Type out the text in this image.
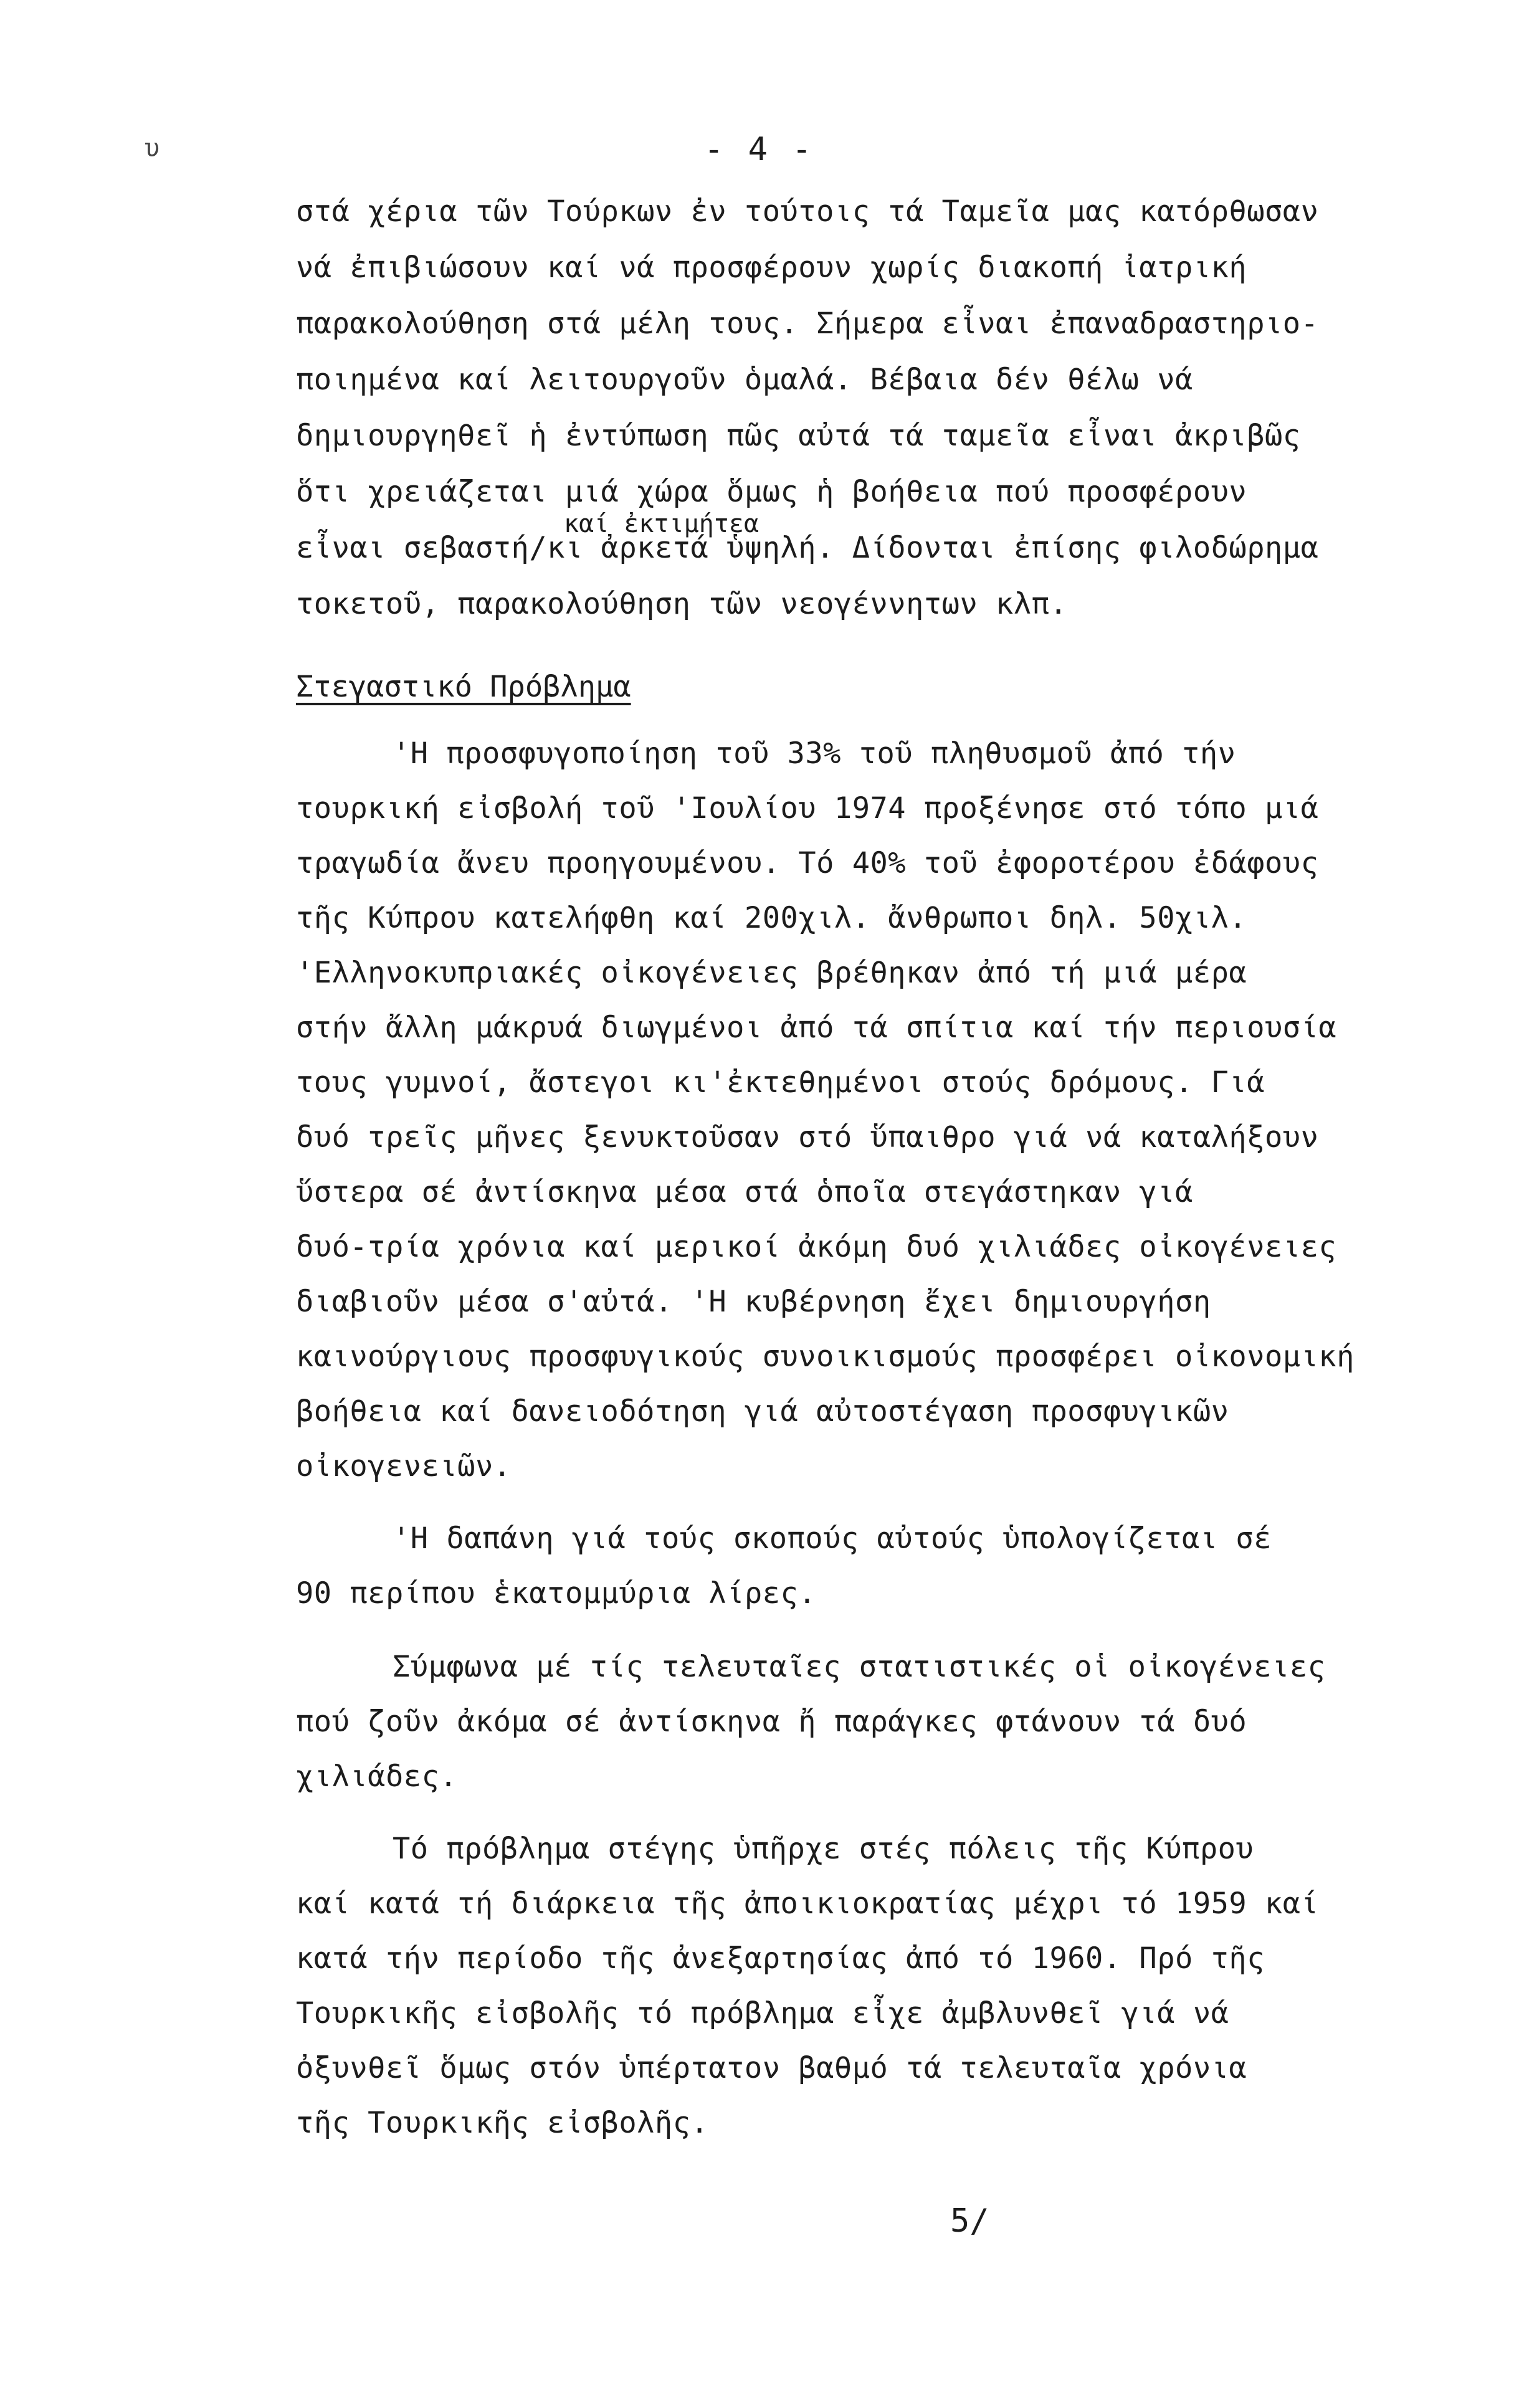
υ	- 4 -
στά χέρια τῶν Τούρκων ἐν τούτοις τά Ταμεῖα μας κατόρθωσαν
νά ἐπιβιώσουν καί νά προσφέρουν χωρίς διακοπή ἰατρική
παρακολούθηση στά μέλη τους. Σήμερα εἶναι ἐπαναδραστηριο-
ποιημένα καί λειτουργοῦν ὁμαλά. Βέβαια δέν θέλω νά
δημιουργηθεῖ ἡ ἐντύπωση πῶς αὐτά τά ταμεῖα εἶναι ἀκριβῶς
ὅτι χρειάζεται μιά χώρα ὅμως ἡ βοήθεια πού προσφέρουν
καί ἐκτιμήτεα
εἶναι σεβαστή/κι ἀρκετά ὑψηλή. Δίδονται ἐπίσης φιλοδώρημα
τοκετοῦ, παρακολούθηση τῶν νεογέννητων κλπ.
Στεγαστικό Πρόβλημα
'Η προσφυγοποίηση τοῦ 33% τοῦ πληθυσμοῦ ἀπό τήν
τουρκική εἰσβολή τοῦ 'Ιουλίου 1974 προξένησε στό τόπο μιά
τραγωδία ἄνευ προηγουμένου. Τό 40% τοῦ ἐφοροτέρου ἐδάφους
τῆς Κύπρου κατελήφθη καί 200χιλ. ἄνθρωποι δηλ. 50χιλ.
'Ελληνοκυπριακές οἰκογένειες βρέθηκαν ἀπό τή μιά μέρα
στήν ἄλλη μάκρυά διωγμένοι ἀπό τά σπίτια καί τήν περιουσία
τους γυμνοί, ἄστεγοι κι'ἐκτεθημένοι στούς δρόμους. Γιά
δυό τρεῖς μῆνες ξενυκτοῦσαν στό ὕπαιθρο γιά νά καταλήξουν
ὕστερα σέ ἀντίσκηνα μέσα στά ὁποῖα στεγάστηκαν γιά
δυό-τρία χρόνια καί μερικοί ἀκόμη δυό χιλιάδες οἰκογένειες
διαβιοῦν μέσα σ'αὐτά. 'Η κυβέρνηση ἔχει δημιουργήση
καινούργιους προσφυγικούς συνοικισμούς προσφέρει οἰκονομική
βοήθεια καί δανειοδότηση γιά αὐτοστέγαση προσφυγικῶν
οἰκογενειῶν.
'Η δαπάνη γιά τούς σκοπούς αὐτούς ὑπολογίζεται σέ
90 περίπου ἑκατομμύρια λίρες.
Σύμφωνα μέ τίς τελευταῖες στατιστικές οἱ οἰκογένειες
πού ζοῦν ἀκόμα σέ ἀντίσκηνα ἤ παράγκες φτάνουν τά δυό
χιλιάδες.
Τό πρόβλημα στέγης ὑπῆρχε στές πόλεις τῆς Κύπρου
καί κατά τή διάρκεια τῆς ἀποικιοκρατίας μέχρι τό 1959 καί
κατά τήν περίοδο τῆς ἀνεξαρτησίας ἀπό τό 1960. Πρό τῆς
Τουρκικῆς εἰσβολῆς τό πρόβλημα εἶχε ἀμβλυνθεῖ γιά νά
ὀξυνθεῖ ὅμως στόν ὑπέρτατον βαθμό τά τελευταῖα χρόνια
τῆς Τουρκικῆς εἰσβολῆς.
5/
